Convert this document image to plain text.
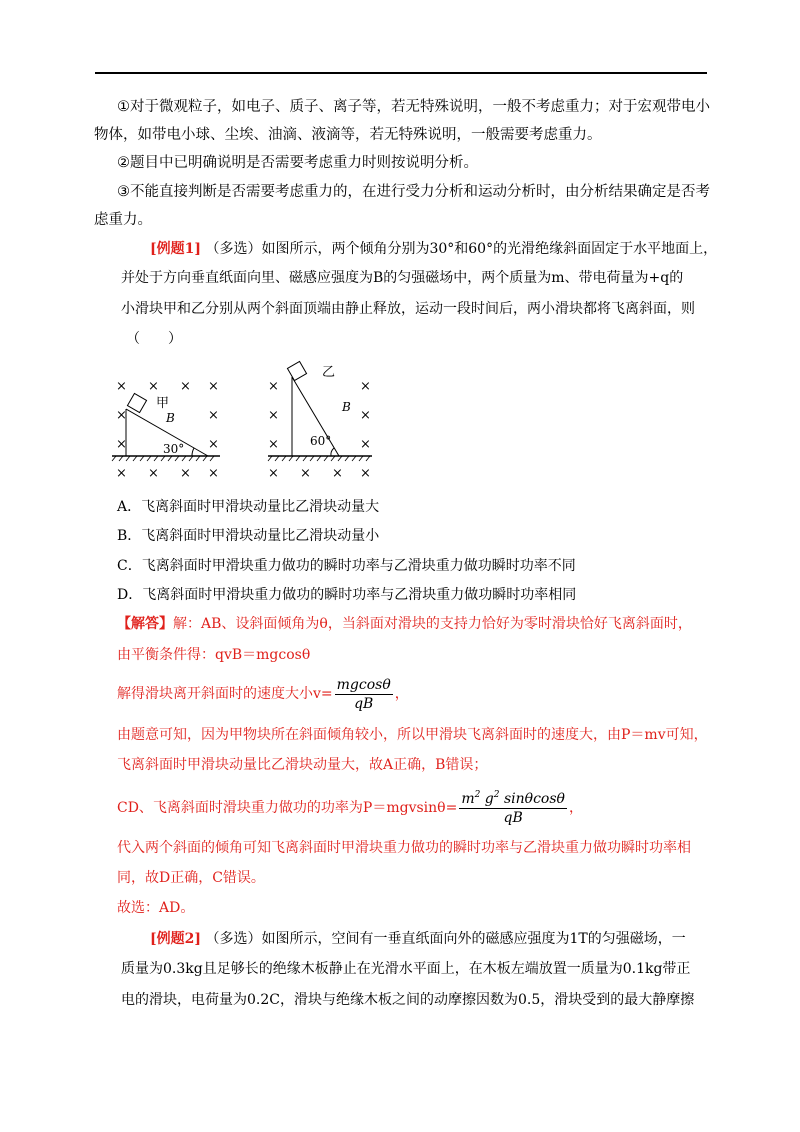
①对于微观粒子，如电子、质子、离子等，若无特殊说明，一般不考虑重力；对于宏观带电小
物体，如带电小球、尘埃、油滴、液滴等，若无特殊说明，一般需要考虑重力。
②题目中已明确说明是否需要考虑重力时则按说明分析。
③不能直接判断是否需要考虑重力的，在进行受力分析和运动分析时，由分析结果确定是否考
虑重力。
[例题1] （多选）如图所示，两个倾角分别为30°和60°的光滑绝缘斜面固定于水平地面上，
并处于方向垂直纸面向里、磁感应强度为B的匀强磁场中，两个质量为m、带电荷量为+q的
小滑块甲和乙分别从两个斜面顶端由静止释放，运动一段时间后，两小滑块都将飞离斜面，则
（　　）
× × × ×
×	×
×	×
× × × ×
×	×
×	×
×	×
× × × ×
甲
B
30°
乙
B
60°
A．飞离斜面时甲滑块动量比乙滑块动量大
B．飞离斜面时甲滑块动量比乙滑块动量小
C．飞离斜面时甲滑块重力做功的瞬时功率与乙滑块重力做功瞬时功率不同
D．飞离斜面时甲滑块重力做功的瞬时功率与乙滑块重力做功瞬时功率相同
【解答】解：AB、设斜面倾角为θ，当斜面对滑块的支持力恰好为零时滑块恰好飞离斜面时，
由平衡条件得：qvB＝mgcosθ
解得滑块离开斜面时的速度大小$v= \frac{mgcos\theta}{qB}$ ，
由题意可知，因为甲物块所在斜面倾角较小，所以甲滑块飞离斜面时的速度大，由P＝mv可知，
飞离斜面时甲滑块动量比乙滑块动量大，故A正确，B错误；
CD、飞离斜面时滑块重力做功的功率为$P=mgvsin\theta= \frac{m^2 g^2 \sin\theta\cos\theta}{qB}$ ，
代入两个斜面的倾角可知飞离斜面时甲滑块重力做功的瞬时功率与乙滑块重力做功瞬时功率相
同，故D正确，C错误。
故选：AD。
[例题2] （多选）如图所示，空间有一垂直纸面向外的磁感应强度为1T的匀强磁场，一
质量为0.3kg且足够长的绝缘木板静止在光滑水平面上，在木板左端放置一质量为0.1kg带正
电的滑块，电荷量为0.2C，滑块与绝缘木板之间的动摩擦因数为0.5，滑块受到的最大静摩擦
